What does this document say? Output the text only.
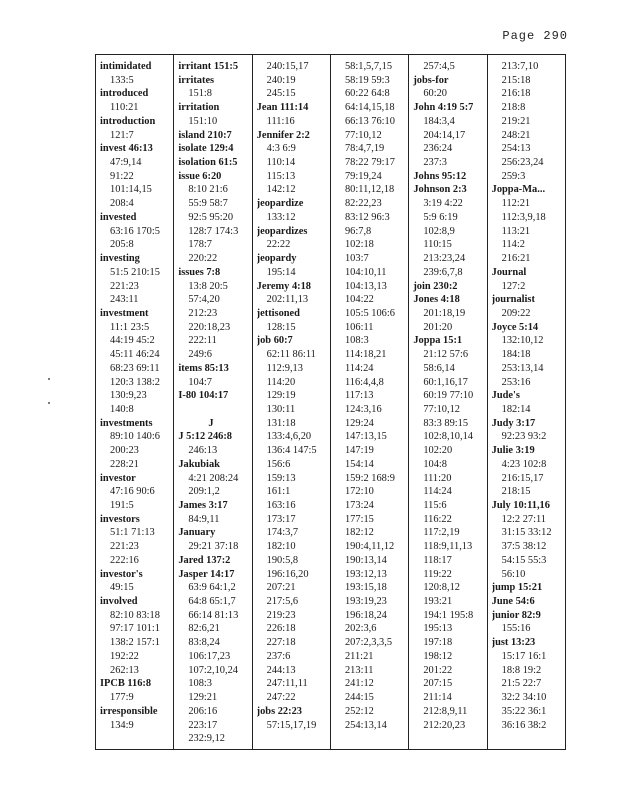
Page 290
intimidated
133:5
introduced
110:21
introduction
121:7
invest 46:13
47:9,14
91:22
101:14,15
208:4
invested
63:16 170:5
205:8
investing
51:5 210:15
221:23
243:11
investment
11:1 23:5
44:19 45:2
45:11 46:24
68:23 69:11
120:3 138:2
130:9,23
140:8
investments
89:10 140:6
200:23
228:21
investor
47:16 90:6
191:5
investors
51:1 71:13
221:23
222:16
investor's
49:15
involved
82:10 83:18
97:17 101:1
138:2 157:1
192:22
262:13
IPCB 116:8
177:9
irresponsible
134:9
irritant 151:5
irritates
151:8
irritation
151:10
island 210:7
isolate 129:4
isolation 61:5
issue 6:20
8:10 21:6
55:9 58:7
92:5 95:20
128:7 174:3
178:7
220:22
issues 7:8
13:8 20:5
57:4,20
212:23
220:18,23
222:11
249:6
items 85:13
104:7
I-80 104:17
J
J 5:12 246:8
246:13
Jakubiak
4:21 208:24
209:1,2
James 3:17
84:9,11
January
29:21 37:18
Jared 137:2
Jasper 14:17
63:9 64:1,2
64:8 65:1,7
66:14 81:13
82:6,21
83:8,24
106:17,23
107:2,10,24
108:3
129:21
206:16
223:17
232:9,12
240:15,17
240:19
245:15
Jean 111:14
111:16
Jennifer 2:2
4:3 6:9
110:14
115:13
142:12
jeopardize
133:12
jeopardizes
22:22
jeopardy
195:14
Jeremy 4:18
202:11,13
jettisoned
128:15
job 60:7
62:11 86:11
112:9,13
114:20
129:19
130:11
131:18
133:4,6,20
136:4 147:5
156:6
159:13
161:1
163:16
173:17
174:3,7
182:10
190:5,8
196:16,20
207:21
217:5,6
219:23
226:18
227:18
237:6
244:13
247:11,11
247:22
jobs 22:23
57:15,17,19
58:1,5,7,15
58:19 59:3
60:22 64:8
64:14,15,18
66:13 76:10
77:10,12
78:4,7,19
78:22 79:17
79:19,24
80:11,12,18
82:22,23
83:12 96:3
96:7,8
102:18
103:7
104:10,11
104:13,13
104:22
105:5 106:6
106:11
108:3
114:18,21
114:24
116:4,4,8
117:13
124:3,16
129:24
147:13,15
147:19
154:14
159:2 168:9
172:10
173:24
177:15
182:12
190:4,11,12
190:13,14
193:12,13
193:15,18
193:19,23
196:18,24
202:3,6
207:2,3,3,5
211:21
213:11
241:12
244:15
252:12
254:13,14
257:4,5
jobs-for
60:20
John 4:19 5:7
184:3,4
204:14,17
236:24
237:3
Johns 95:12
Johnson 2:3
3:19 4:22
5:9 6:19
102:8,9
110:15
213:23,24
239:6,7,8
join 230:2
Jones 4:18
201:18,19
201:20
Joppa 15:1
21:12 57:6
58:6,14
60:1,16,17
60:19 77:10
77:10,12
83:3 89:15
102:8,10,14
102:20
104:8
111:20
114:24
115:6
116:22
117:2,19
118:9,11,13
118:17
119:22
120:8,12
193:21
194:1 195:8
195:13
197:18
198:12
201:22
207:15
211:14
212:8,9,11
212:20,23
213:7,10
215:18
216:18
218:8
219:21
248:21
254:13
256:23,24
259:3
Joppa-Ma...
112:21
112:3,9,18
113:21
114:2
216:21
Journal
127:2
journalist
209:22
Joyce 5:14
132:10,12
184:18
253:13,14
253:16
Jude's
182:14
Judy 3:17
92:23 93:2
Julie 3:19
4:23 102:8
216:15,17
218:15
July 10:11,16
12:2 27:11
31:15 33:12
37:5 38:12
54:15 55:3
56:10
jump 15:21
June 54:6
junior 82:9
155:16
just 13:23
15:17 16:1
18:8 19:2
21:5 22:7
32:2 34:10
35:22 36:1
36:16 38:2
